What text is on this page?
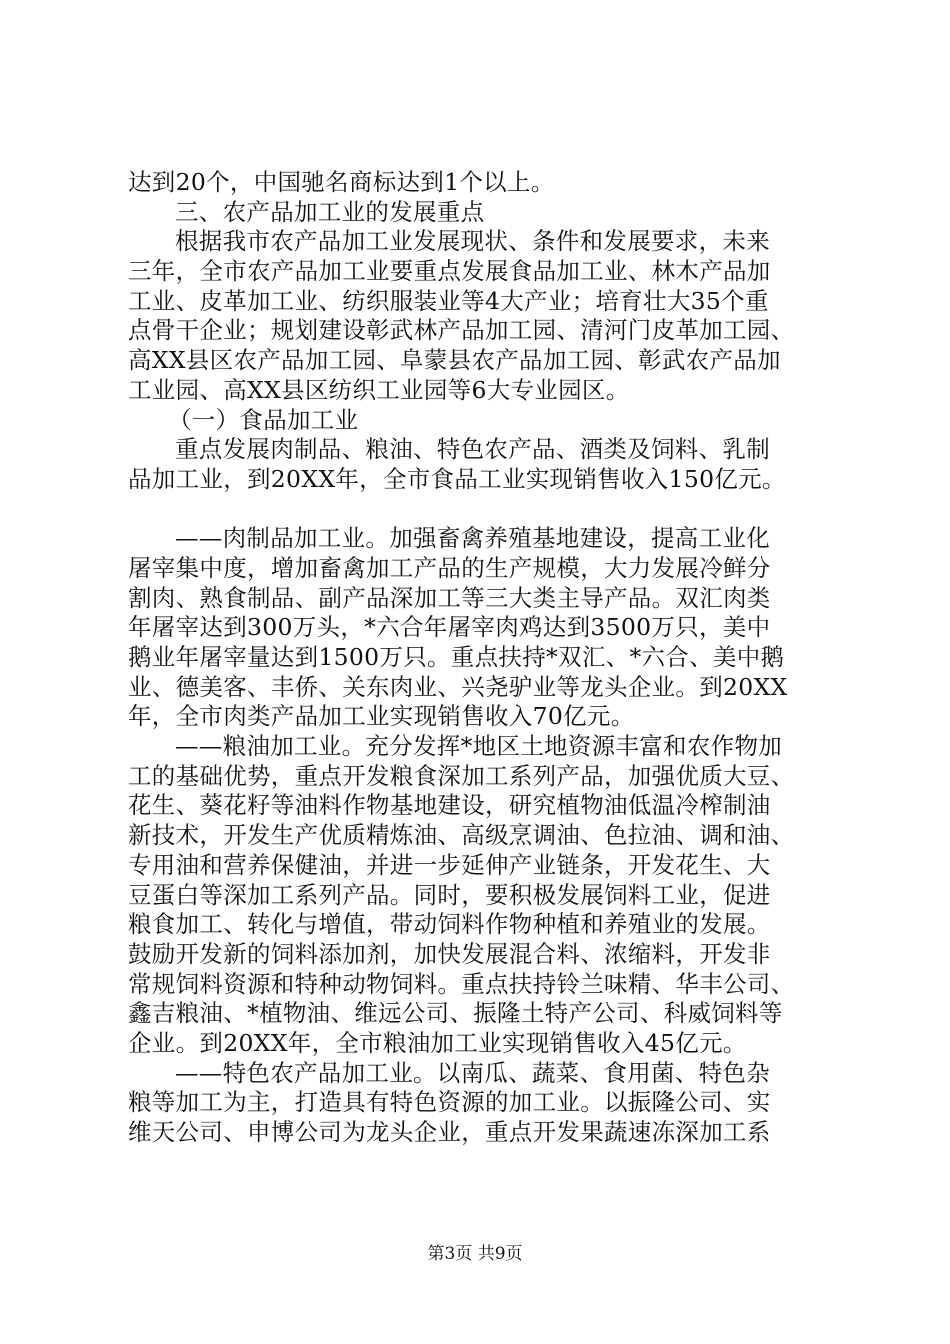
达到20个，中国驰名商标达到1个以上。
三、农产品加工业的发展重点
根据我市农产品加工业发展现状、条件和发展要求，未来
三年，全市农产品加工业要重点发展食品加工业、林木产品加
工业、皮革加工业、纺织服装业等4大产业；培育壮大35个重
点骨干企业；规划建设彰武林产品加工园、清河门皮革加工园、
高XX县区农产品加工园、阜蒙县农产品加工园、彰武农产品加
工业园、高XX县区纺织工业园等6大专业园区。
（一）食品加工业
重点发展肉制品、粮油、特色农产品、酒类及饲料、乳制
品加工业，到20XX年，全市食品工业实现销售收入150亿元。
——肉制品加工业。加强畜禽养殖基地建设，提高工业化
屠宰集中度，增加畜禽加工产品的生产规模，大力发展冷鲜分
割肉、熟食制品、副产品深加工等三大类主导产品。双汇肉类
年屠宰达到300万头，*六合年屠宰肉鸡达到3500万只，美中
鹅业年屠宰量达到1500万只。重点扶持*双汇、*六合、美中鹅
业、德美客、丰侨、关东肉业、兴尧驴业等龙头企业。到20XX
年，全市肉类产品加工业实现销售收入70亿元。
——粮油加工业。充分发挥*地区土地资源丰富和农作物加
工的基础优势，重点开发粮食深加工系列产品，加强优质大豆、
花生、葵花籽等油料作物基地建设，研究植物油低温冷榨制油
新技术，开发生产优质精炼油、高级烹调油、色拉油、调和油、
专用油和营养保健油，并进一步延伸产业链条，开发花生、大
豆蛋白等深加工系列产品。同时，要积极发展饲料工业，促进
粮食加工、转化与增值，带动饲料作物种植和养殖业的发展。
鼓励开发新的饲料添加剂，加快发展混合料、浓缩料，开发非
常规饲料资源和特种动物饲料。重点扶持铃兰味精、华丰公司、
鑫吉粮油、*植物油、维远公司、振隆土特产公司、科威饲料等
企业。到20XX年，全市粮油加工业实现销售收入45亿元。
——特色农产品加工业。以南瓜、蔬菜、食用菌、特色杂
粮等加工为主，打造具有特色资源的加工业。以振隆公司、实
维天公司、申博公司为龙头企业，重点开发果蔬速冻深加工系
第3页 共9页
